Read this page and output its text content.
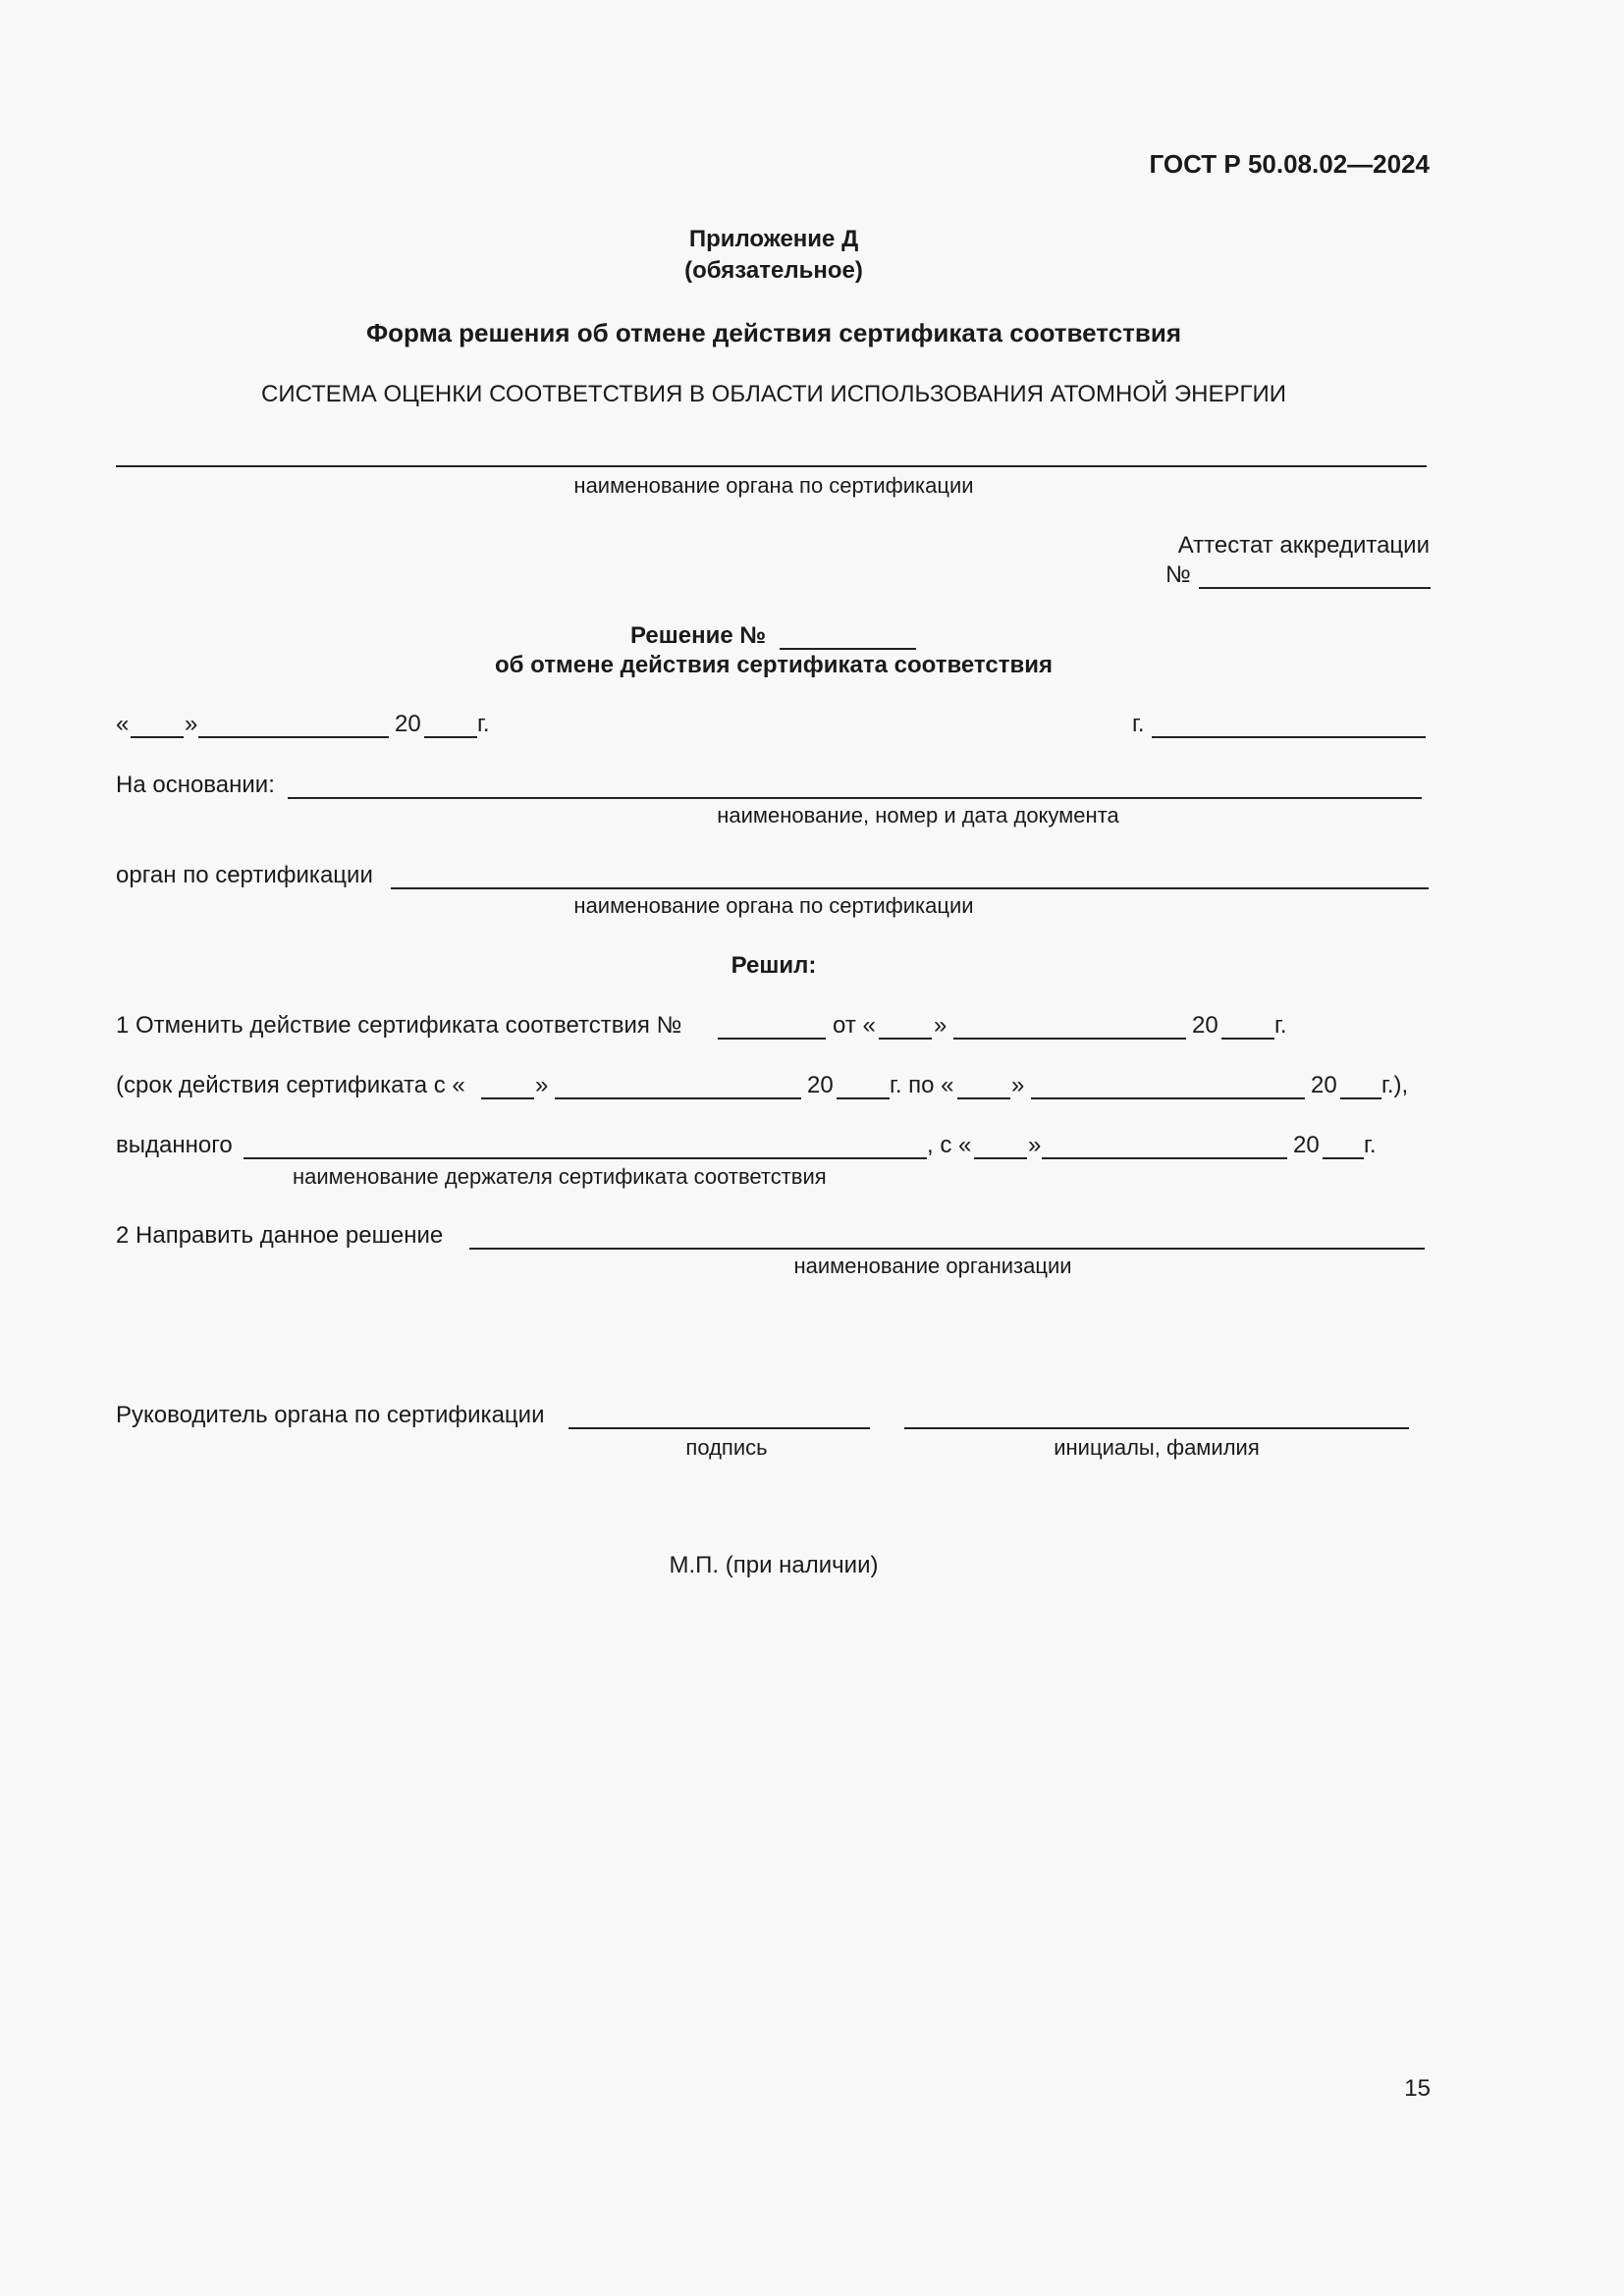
ГОСТ Р 50.08.02—2024
Приложение Д
(обязательное)
Форма решения об отмене действия сертификата соответствия
СИСТЕМА ОЦЕНКИ СООТВЕТСТВИЯ В ОБЛАСТИ ИСПОЛЬЗОВАНИЯ АТОМНОЙ ЭНЕРГИИ
наименование органа по сертификации
Аттестат аккредитации
№
Решение №
об отмене действия сертификата соответствия
« »	20 г.	г.
На основании:
наименование, номер и дата документа
орган по сертификации
наименование органа по сертификации
Решил:
1 Отменить действие сертификата соответствия №	от « »	20 г.
(срок действия сертификата с «	»	20 г. по « »	20 г.),
выданного	, с « »	20 г.
наименование держателя сертификата соответствия
2 Направить данное решение
наименование организации
Руководитель органа по сертификации
подпись	инициалы, фамилия
М.П. (при наличии)
15
